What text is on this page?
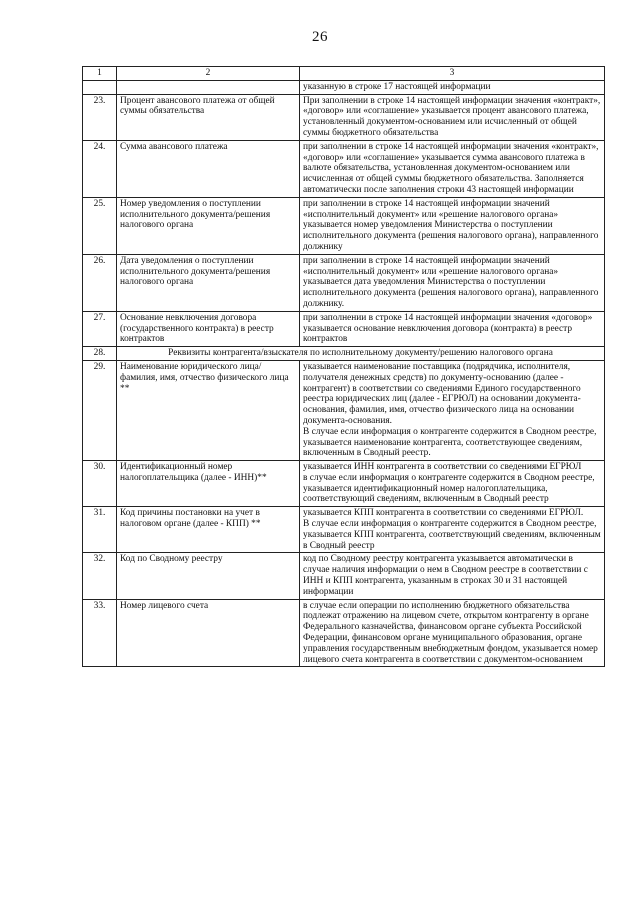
26
1	2	3
		указанную в строке 17 настоящей информации
23.	Процент авансового платежа от общей суммы обязательства	При заполнении в строке 14 настоящей информации значения «контракт», «договор» или «соглашение» указывается процент авансового платежа, установленный документом-основанием или исчисленный от общей суммы бюджетного обязательства

24.	Сумма авансового платежа	при заполнении в строке 14 настоящей информации значения «контракт», «договор» или «соглашение» указывается сумма авансового платежа в валюте обязательства, установленная документом-основанием или исчисленная от общей суммы бюджетного обязательства. Заполняется автоматически после заполнения строки 43 настоящей информации

25.	Номер уведомления о поступлении исполнительного документа/решения налогового органа	при заполнении в строке 14 настоящей информации значений «исполнительный документ» или «решение налогового органа» указывается номер уведомления Министерства о поступлении исполнительного документа (решения налогового органа), направленного должнику

26.	Дата уведомления о поступлении исполнительного документа/решения налогового органа	при заполнении в строке 14 настоящей информации значений «исполнительный документ» или «решение налогового органа» указывается дата уведомления Министерства о поступлении исполнительного документа (решения налогового органа), направленного должнику.

27.	Основание невключения договора (государственного контракта) в реестр контрактов	при заполнении в строке 14 настоящей информации значения «договор» указывается основание невключения договора (контракта) в реестр контрактов

28.	Реквизиты контрагента/взыскателя по исполнительному документу/решению налогового органа	
29.	Наименование юридического лица/фамилия, имя, отчество физического лица **	указывается наименование поставщика (подрядчика, исполнителя, получателя денежных средств) по документу-основанию (далее - контрагент) в соответствии со сведениями Единого государственного реестра юридических лиц (далее - ЕГРЮЛ) на основании документа-основания, фамилия, имя, отчество физического лица на основании документа-основания.
В случае если информация о контрагенте содержится в Сводном реестре, указывается наименование контрагента, соответствующее сведениям, включенным в Сводный реестр.

30.	Идентификационный номер налогоплательщика (далее - ИНН)**	указывается ИНН контрагента в соответствии со сведениями ЕГРЮЛ
в случае если информация о контрагенте содержится в Сводном реестре, указывается идентификационный номер налогоплательщика, соответствующий сведениям, включенным в Сводный реестр

31.	Код причины постановки на учет в налоговом органе (далее - КПП) **	указывается КПП контрагента в соответствии со сведениями ЕГРЮЛ.
В случае если информация о контрагенте содержится в Сводном реестре, указывается КПП контрагента, соответствующий сведениям, включенным в Сводный реестр

32.	Код по Сводному реестру	код по Сводному реестру контрагента указывается автоматически в случае наличия информации о нем в Сводном реестре в соответствии с ИНН и КПП контрагента, указанным в строках 30 и 31 настоящей информации

33.	Номер лицевого счета	в случае если операции по исполнению бюджетного обязательства подлежат отражению на лицевом счете, открытом контрагенту в органе Федерального казначейства, финансовом органе субъекта Российской Федерации, финансовом органе муниципального образования, органе управления государственным внебюджетным фондом, указывается номер лицевого счета контрагента в соответствии с документом-основанием
